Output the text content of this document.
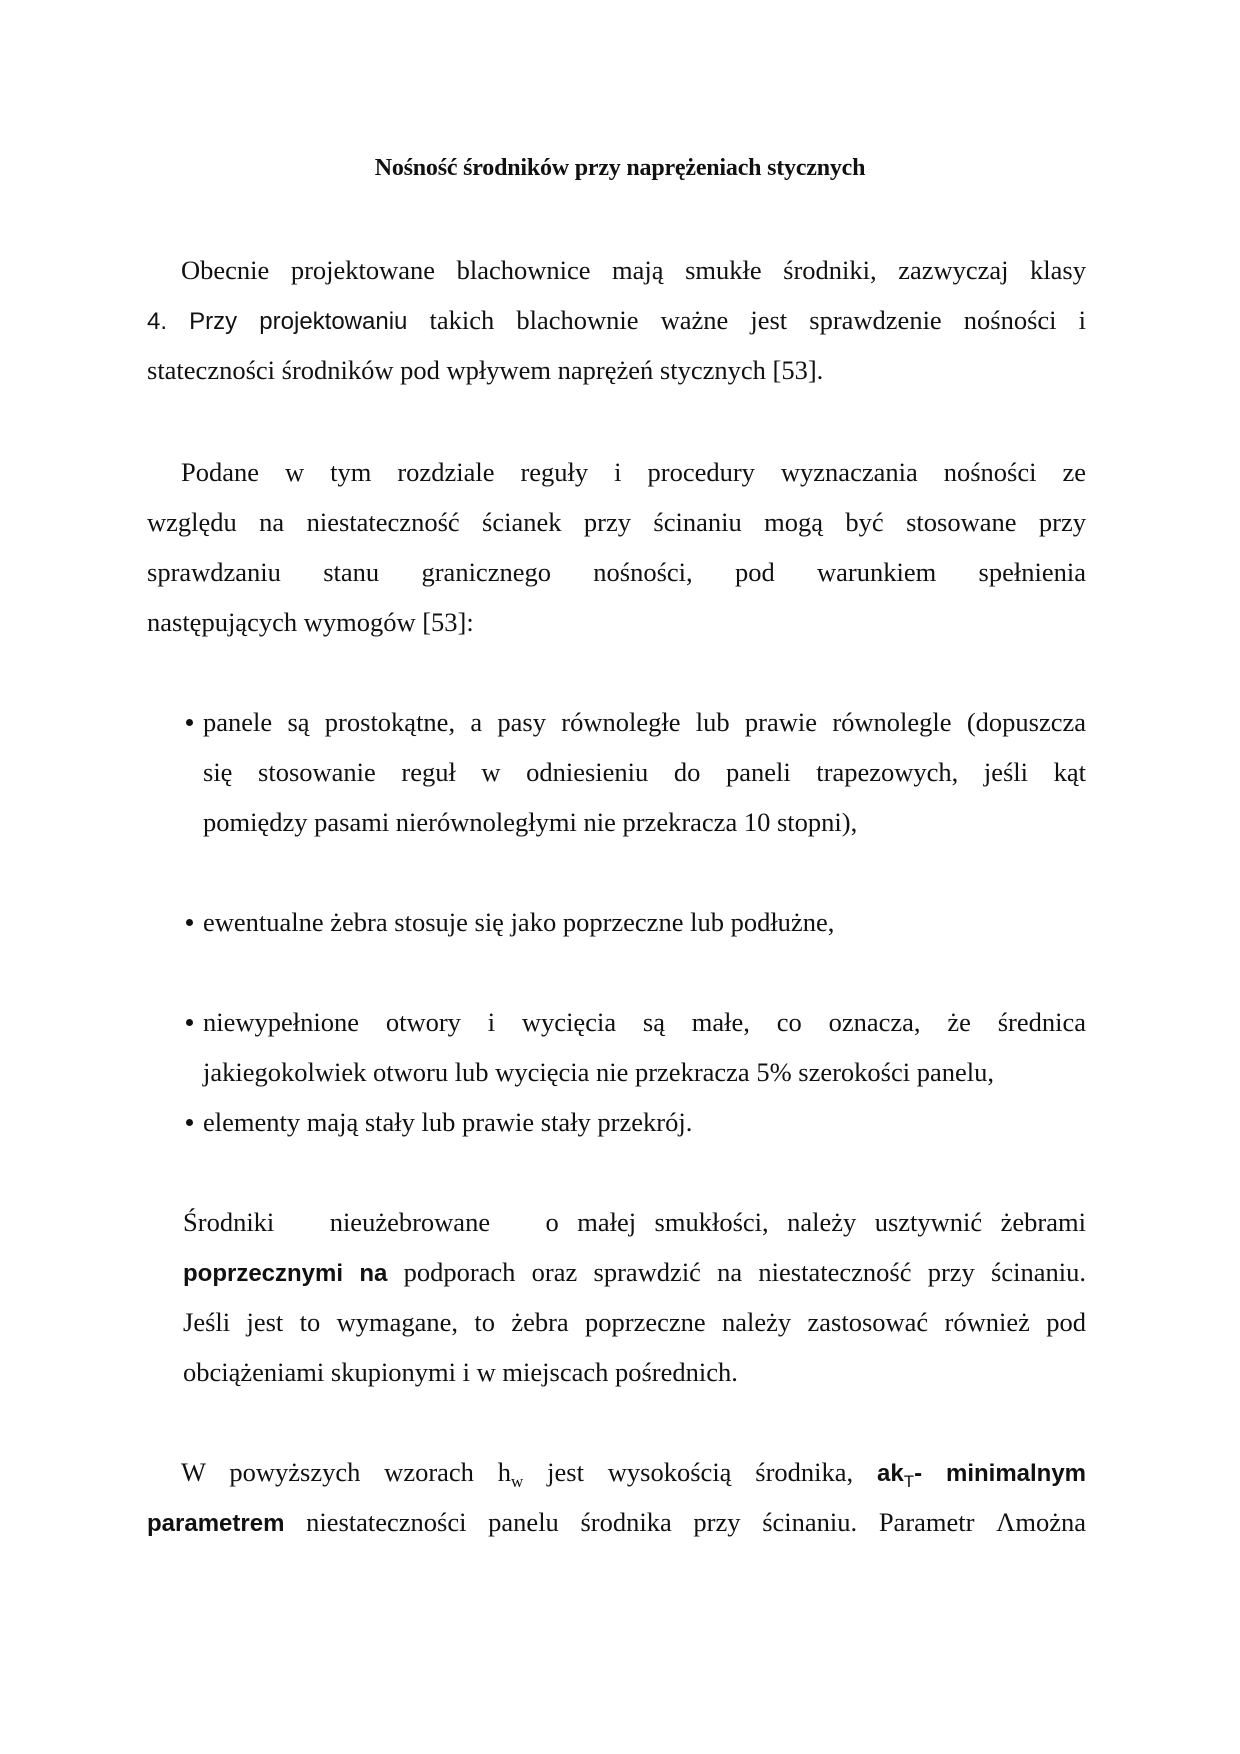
Nośność środników przy naprężeniach stycznych
Obecnie projektowane blachownice mają smukłe środniki, zazwyczaj klasy
4. Przy projektowaniu takich blachownie ważne jest sprawdzenie nośności i
stateczności środników pod wpływem naprężeń stycznych [53].
Podane w tym rozdziale reguły i procedury wyznaczania nośności ze
względu na niestateczność ścianek przy ścinaniu mogą być stosowane przy
sprawdzaniu stanu granicznego nośności, pod warunkiem spełnienia
następujących wymogów [53]:
panele są prostokątne, a pasy równoległe lub prawie równolegle (dopuszcza
się stosowanie reguł w odniesieniu do paneli trapezowych, jeśli kąt
pomiędzy pasami nierównoległymi nie przekracza 10 stopni),
ewentualne żebra stosuje się jako poprzeczne lub podłużne,
niewypełnione otwory i wycięcia są małe, co oznacza, że średnica
jakiegokolwiek otworu lub wycięcia nie przekracza 5% szerokości panelu,
elementy mają stały lub prawie stały przekrój.
Środniki   nieużebrowane   o małej smukłości, należy usztywnić żebrami
poprzecznymi na podporach oraz sprawdzić na niestateczność przy ścinaniu.
Jeśli jest to wymagane, to żebra poprzeczne należy zastosować również pod
obciążeniami skupionymi i w miejscach pośrednich.
W powyższych wzorach $h_w$ jest wysokością środnika, $ak_T-$ minimalnym
parametrem niestateczności panelu środnika przy ścinaniu. Parametr Λmożna
